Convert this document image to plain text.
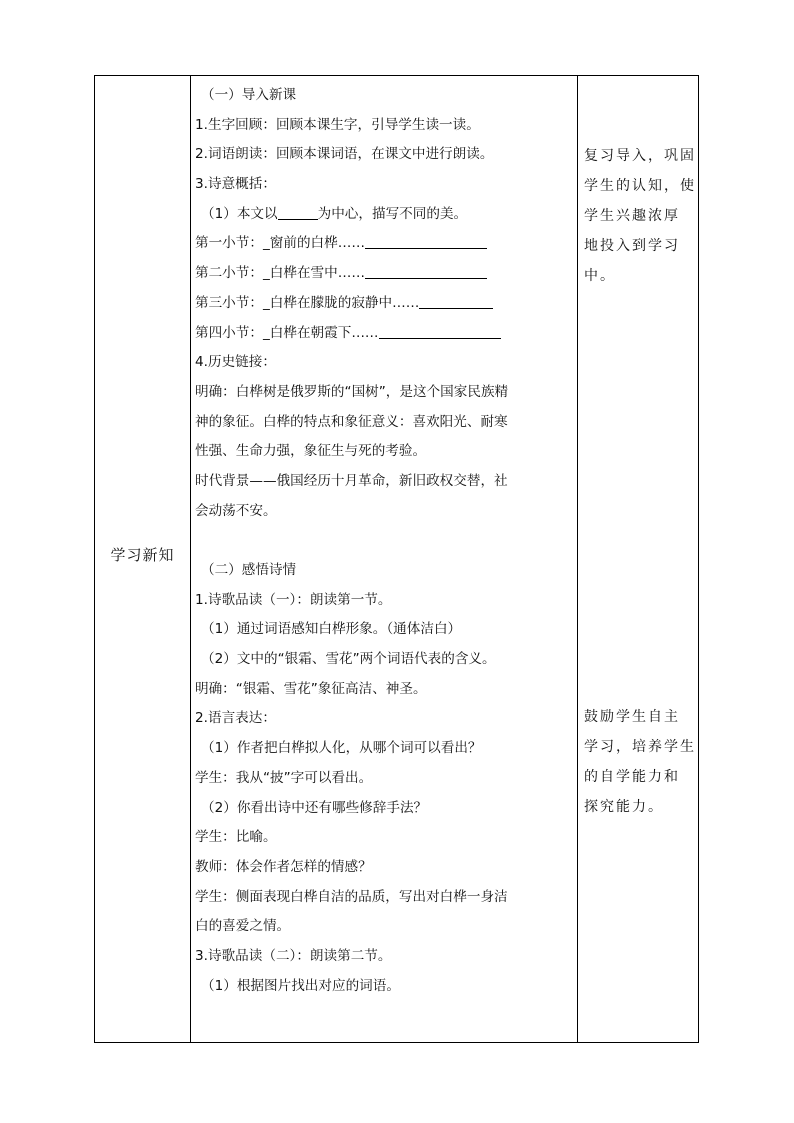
学习新知
（一）导入新课
1.生字回顾：回顾本课生字，引导学生读一读。
2.词语朗读：回顾本课词语，在课文中进行朗读。
3.诗意概括：
（1）本文以	为中心，描写不同的美。
第一小节：_窗前的白桦……
第二小节：_白桦在雪中……
第三小节：_白桦在朦胧的寂静中……
第四小节：_白桦在朝霞下……
4.历史链接：
明确：白桦树是俄罗斯的“国树”，是这个国家民族精
神的象征。白桦的特点和象征意义：喜欢阳光、耐寒
性强、生命力强，象征生与死的考验。
时代背景——俄国经历十月革命，新旧政权交替，社
会动荡不安。
（二）感悟诗情
1.诗歌品读（一）：朗读第一节。
（1）通过词语感知白桦形象。（通体洁白）
（2）文中的“银霜、雪花”两个词语代表的含义。
明确：“银霜、雪花”象征高洁、神圣。
2.语言表达：
（1）作者把白桦拟人化，从哪个词可以看出？
学生：我从“披”字可以看出。
（2）你看出诗中还有哪些修辞手法？
学生：比喻。
教师：体会作者怎样的情感？
学生：侧面表现白桦自洁的品质，写出对白桦一身洁
白的喜爱之情。
3.诗歌品读（二）：朗读第二节。
（1）根据图片找出对应的词语。
复习导入，巩固
学生的认知，使
学生兴趣浓厚
地投入到学习
中。
鼓励学生自主
学习，培养学生
的自学能力和
探究能力。
